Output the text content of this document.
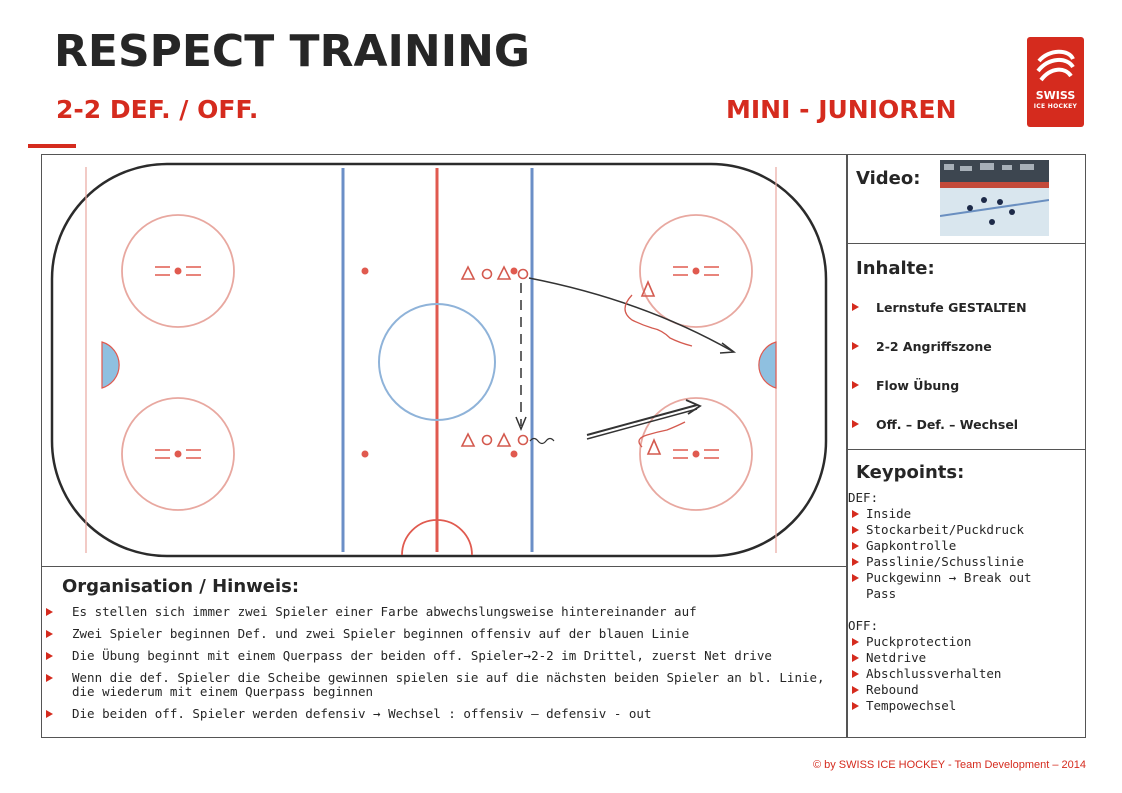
RESPECT TRAINING
2-2 DEF. / OFF.	MINI - JUNIOREN	SWISS
ICE HOCKEY
Organisation / Hinweis:
Es stellen sich immer zwei Spieler einer Farbe abwechslungsweise hintereinander auf
Zwei Spieler beginnen Def. und zwei Spieler beginnen offensiv auf der blauen Linie
Die Übung beginnt mit einem Querpass der beiden off. Spieler→2-2 im Drittel, zuerst Net drive
Wenn die def. Spieler die Scheibe gewinnen spielen sie auf die nächsten beiden Spieler an bl. Linie, die wiederum mit einem Querpass beginnen
Die beiden off. Spieler werden defensiv → Wechsel : offensiv – defensiv - out
Video:
Inhalte:
Lernstufe GESTALTEN
2-2 Angriffszone
Flow Übung
Off. – Def. – Wechsel
Keypoints:
DEF:
Inside
Stockarbeit/Puckdruck
Gapkontrolle
Passlinie/Schusslinie
Puckgewinn → Break out Pass
OFF:
Puckprotection
Netdrive
Abschlussverhalten
Rebound
Tempowechsel
© by SWISS ICE HOCKEY - Team Development – 2014
